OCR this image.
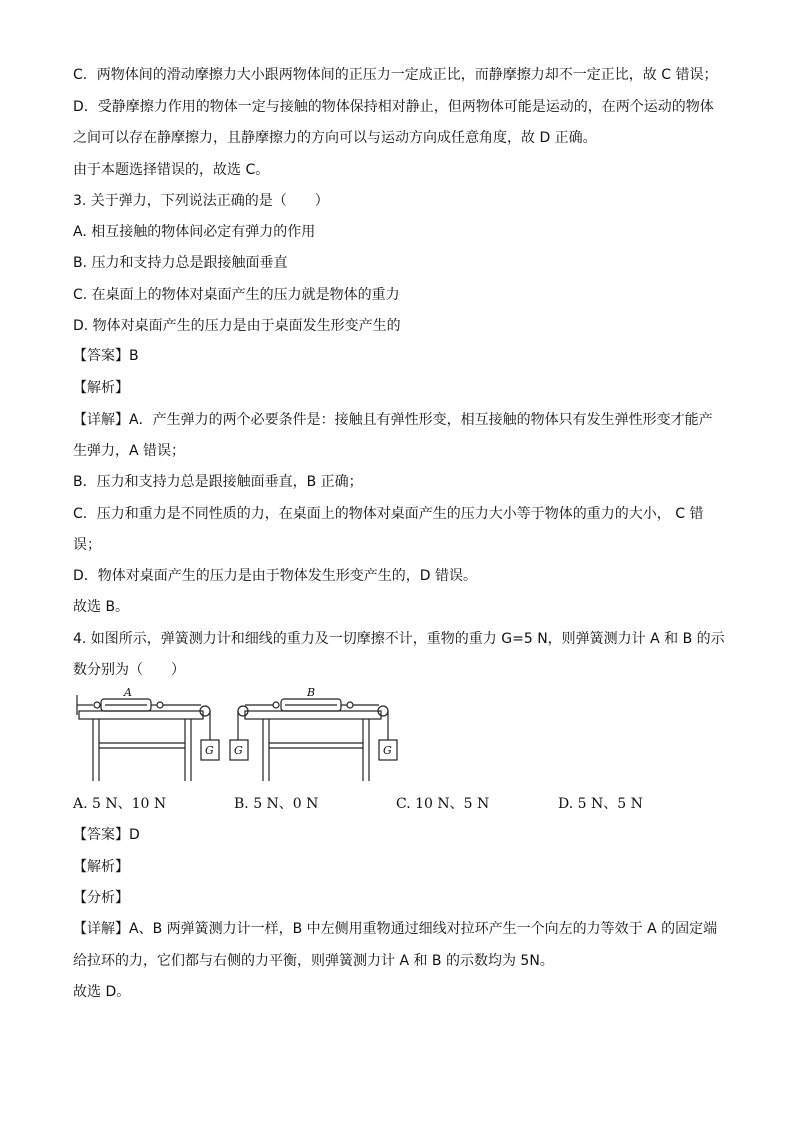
C．两物体间的滑动摩擦力大小跟两物体间的正压力一定成正比，而静摩擦力却不一定正比，故 C 错误；
D．受静摩擦力作用的物体一定与接触的物体保持相对静止，但两物体可能是运动的，在两个运动的物体
之间可以存在静摩擦力，且静摩擦力的方向可以与运动方向成任意角度，故 D 正确。
由于本题选择错误的，故选 C。
3. 关于弹力，下列说法正确的是（　　）
A. 相互接触的物体间必定有弹力的作用
B. 压力和支持力总是跟接触面垂直
C. 在桌面上的物体对桌面产生的压力就是物体的重力
D. 物体对桌面产生的压力是由于桌面发生形变产生的
【答案】B
【解析】
【详解】A．产生弹力的两个必要条件是：接触且有弹性形变，相互接触的物体只有发生弹性形变才能产
生弹力，A 错误；
B．压力和支持力总是跟接触面垂直，B 正确；
C．压力和重力是不同性质的力，在桌面上的物体对桌面产生的压力大小等于物体的重力的大小， C 错
误；
D．物体对桌面产生的压力是由于物体发生形变产生的，D 错误。
故选 B。
4. 如图所示，弹簧测力计和细线的重力及一切摩擦不计，重物的重力 G=5 N，则弹簧测力计 A 和 B 的示
数分别为（　　）
A	B
G G	G
A. 5 N、10 N	B. 5 N、0 N	C. 10 N、5 N	D. 5 N、5 N
【答案】D
【解析】
【分析】
【详解】A、B 两弹簧测力计一样，B 中左侧用重物通过细线对拉环产生一个向左的力等效于 A 的固定端
给拉环的力，它们都与右侧的力平衡，则弹簧测力计 A 和 B 的示数均为 5N。
故选 D。
